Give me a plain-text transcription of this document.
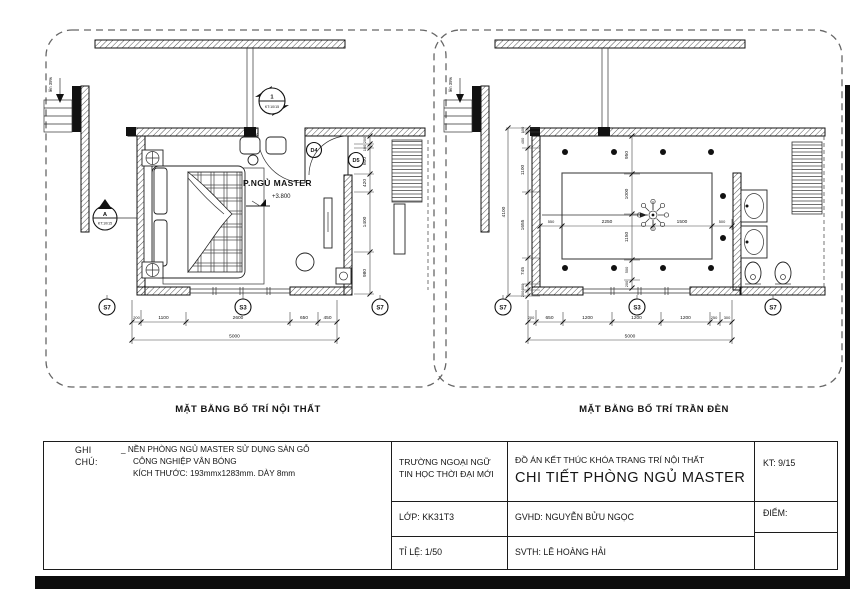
lên 35%
D4
D5
P.NGỦ MASTER
+3.800
1
KT:10/15
A
KT:10/15
S7	S3	S7
200	1100	2600	650	450
5000
200
100
600
420
1400
980
MẶT BẰNG BỐ TRÍ NỘI THẤT
lên 35%
550	2250	1500	500
950
1000
1150
500
200
100
400
1100
1655
745
300
200
4100
S7	S3	S7
200 650	1200	1200	1200	250 300
5000
MẶT BẰNG BỐ TRÍ TRẦN ĐÈN
GHI CHÚ:
_ NỀN PHÒNG NGỦ MASTER SỬ DỤNG SÀN GỖ
CÔNG NGHIỆP VÂN BÓNG
KÍCH THƯỚC: 193mmx1283mm. DÀY 8mm
TRƯỜNG NGOẠI NGỮ
TIN HỌC THỜI ĐẠI MỚI
ĐỒ ÁN KẾT THÚC KHÓA TRANG TRÍ NỘI THẤT
CHI TIẾT PHÒNG NGỦ MASTER
KT: 9/15
LỚP: KK31T3	GVHD: NGUYỄN BỬU NGỌC	ĐIỂM:
TỈ LỆ: 1/50	SVTH: LÊ HOÀNG HẢI
